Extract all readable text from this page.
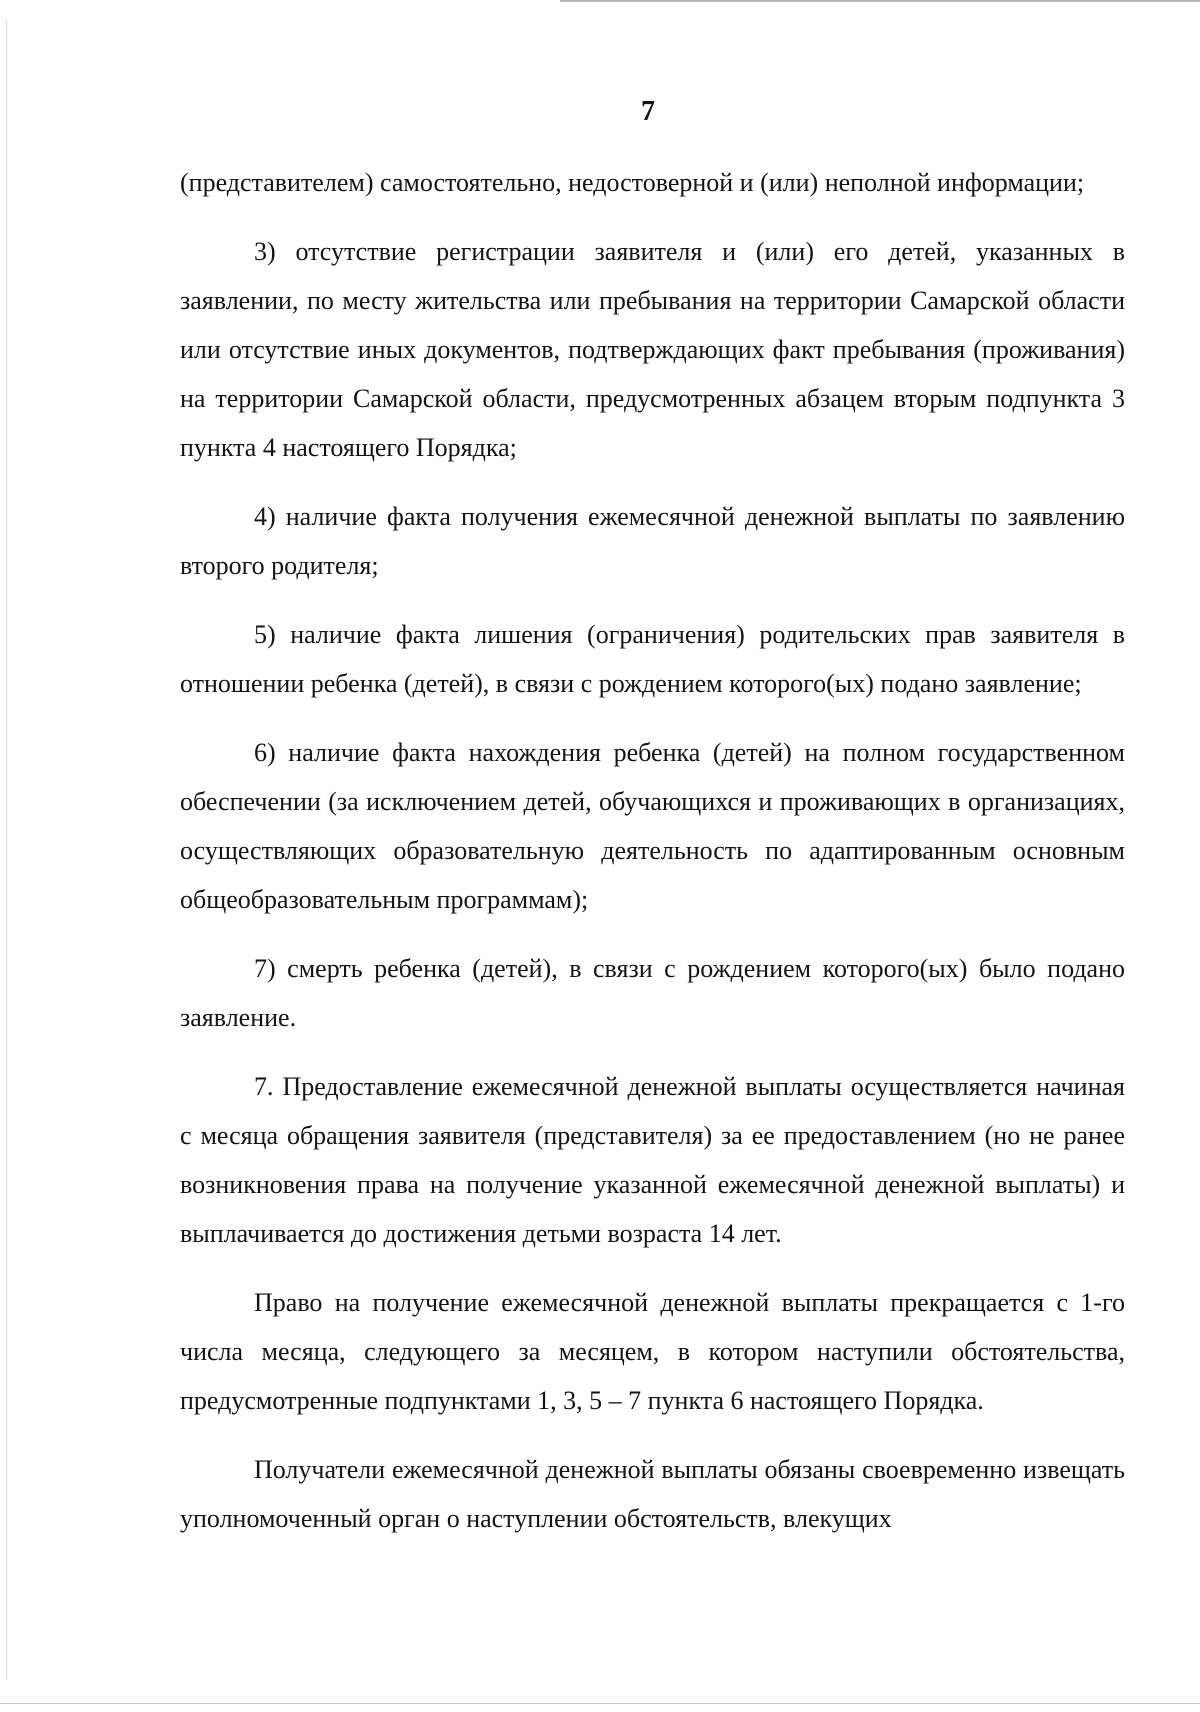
7

(представителем) самостоятельно, недостоверной и (или) неполной информации;

3) отсутствие регистрации заявителя и (или) его детей, указанных в заявлении, по месту жительства или пребывания на территории Самарской области или отсутствие иных документов, подтверждающих факт пребывания (проживания) на территории Самарской области, предусмотренных абзацем вторым подпункта 3 пункта 4 настоящего Порядка;

4) наличие факта получения ежемесячной денежной выплаты по заявлению второго родителя;

5) наличие факта лишения (ограничения) родительских прав заявителя в отношении ребенка (детей), в связи с рождением которого(ых) подано заявление;

6) наличие факта нахождения ребенка (детей) на полном государственном обеспечении (за исключением детей, обучающихся и проживающих в организациях, осуществляющих образовательную деятельность по адаптированным основным общеобразовательным программам);

7) смерть ребенка (детей), в связи с рождением которого(ых) было подано заявление.

7. Предоставление ежемесячной денежной выплаты осуществляется начиная с месяца обращения заявителя (представителя) за ее предоставлением (но не ранее возникновения права на получение указанной ежемесячной денежной выплаты) и выплачивается до достижения детьми возраста 14 лет.

Право на получение ежемесячной денежной выплаты прекращается с 1-го числа месяца, следующего за месяцем, в котором наступили обстоятельства, предусмотренные подпунктами 1, 3, 5 – 7 пункта 6 настоящего Порядка.

Получатели ежемесячной денежной выплаты обязаны своевременно извещать уполномоченный орган о наступлении обстоятельств, влекущих
